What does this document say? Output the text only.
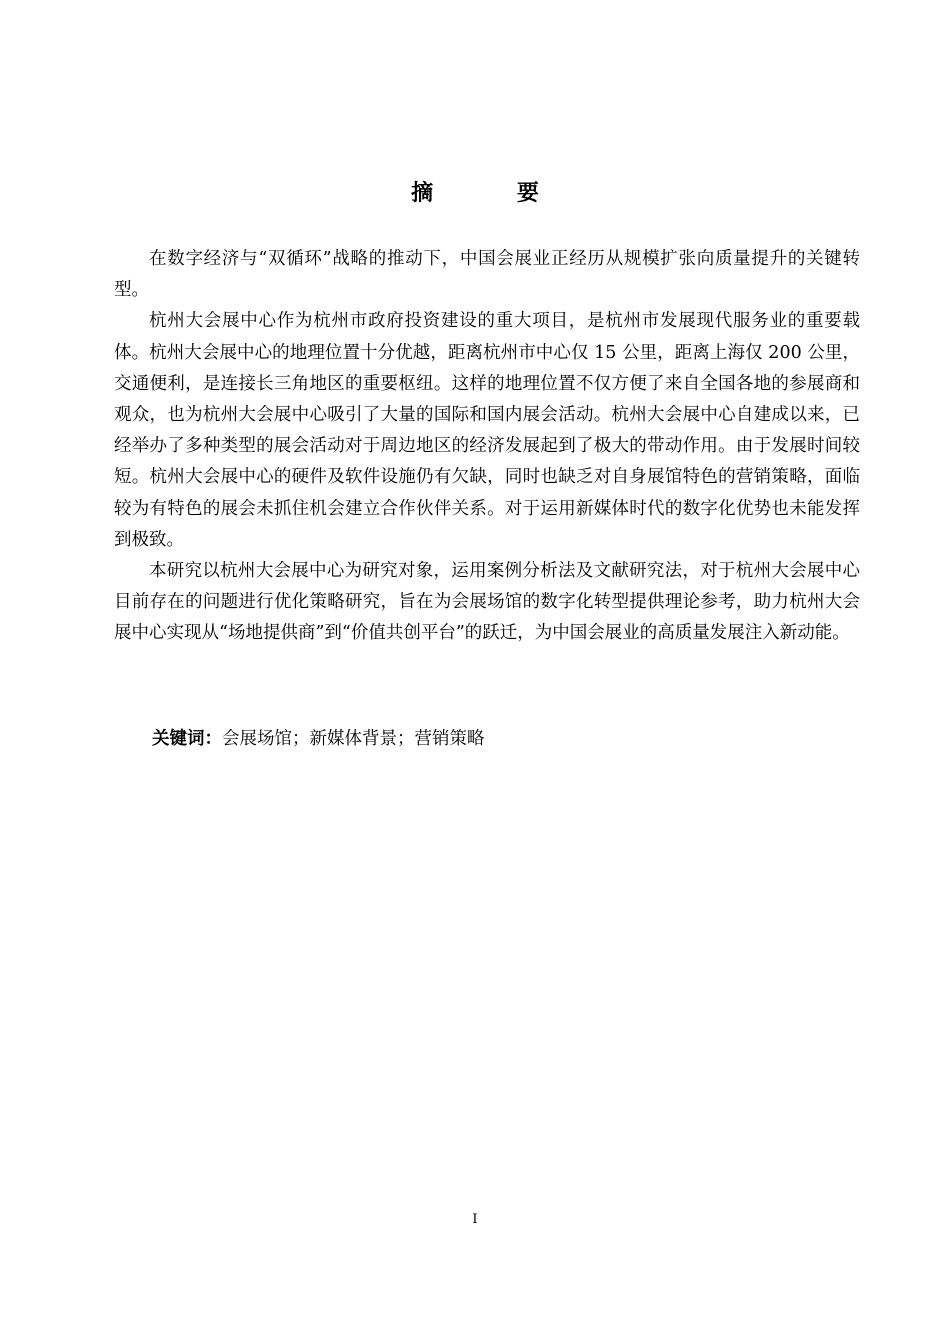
摘 要

在数字经济与“双循环”战略的推动下，中国会展业正经历从规模扩张向质量提升的关键转型。

杭州大会展中心作为杭州市政府投资建设的重大项目，是杭州市发展现代服务业的重要载体。杭州大会展中心的地理位置十分优越，距离杭州市中心仅 15 公里，距离上海仅 200 公里，交通便利，是连接长三角地区的重要枢纽。这样的地理位置不仅方便了来自全国各地的参展商和观众，也为杭州大会展中心吸引了大量的国际和国内展会活动。杭州大会展中心自建成以来，已经举办了多种类型的展会活动对于周边地区的经济发展起到了极大的带动作用。由于发展时间较短。杭州大会展中心的硬件及软件设施仍有欠缺，同时也缺乏对自身展馆特色的营销策略，面临较为有特色的展会未抓住机会建立合作伙伴关系。对于运用新媒体时代的数字化优势也未能发挥到极致。

本研究以杭州大会展中心为研究对象，运用案例分析法及文献研究法，对于杭州大会展中心目前存在的问题进行优化策略研究，旨在为会展场馆的数字化转型提供理论参考，助力杭州大会展中心实现从“场地提供商”到“价值共创平台”的跃迁，为中国会展业的高质量发展注入新动能。

关键词：会展场馆；新媒体背景；营销策略
I
